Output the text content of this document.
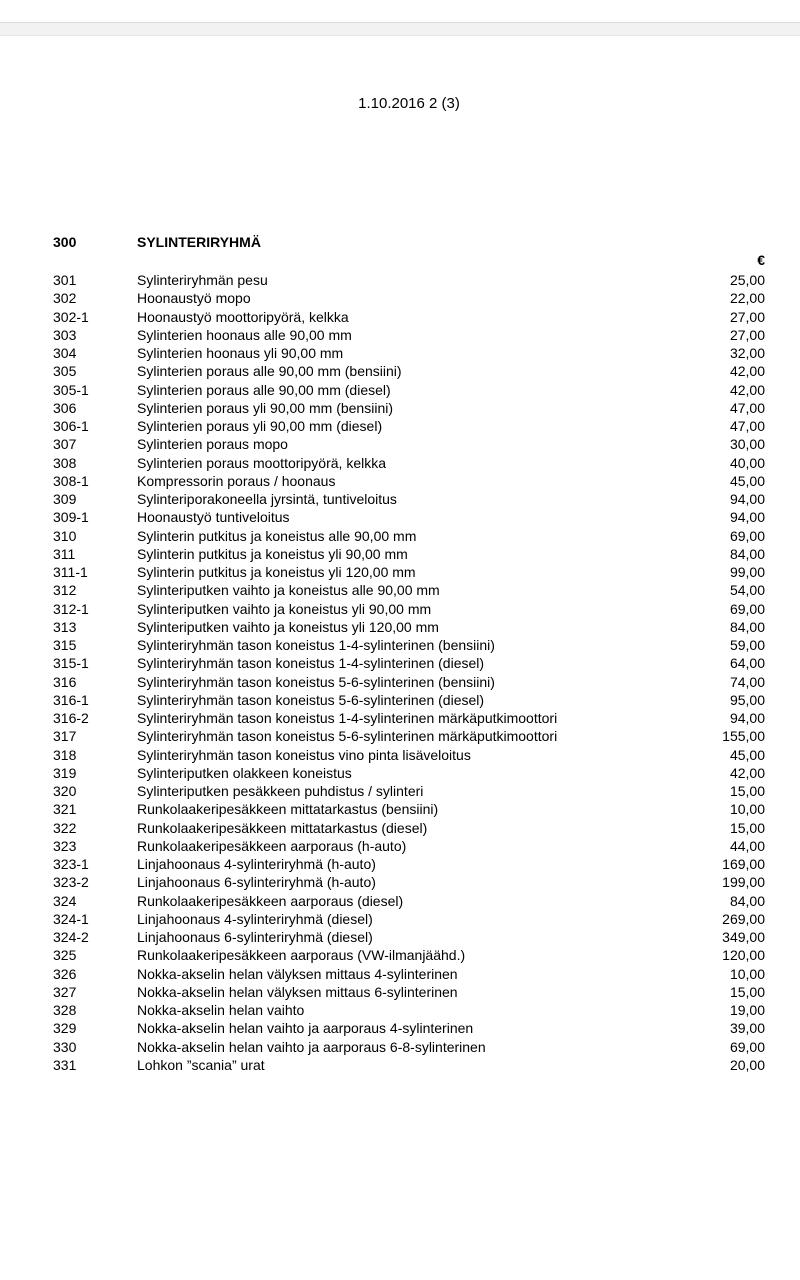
1.10.2016 2 (3)
300	SYLINTERIRYHMÄ
€
301	Sylinteriryhmän pesu	25,00
302	Hoonaustyö mopo	22,00
302-1	Hoonaustyö moottoripyörä, kelkka	27,00
303	Sylinterien hoonaus alle 90,00 mm	27,00
304	Sylinterien hoonaus yli 90,00 mm	32,00
305	Sylinterien poraus alle 90,00 mm (bensiini)	42,00
305-1	Sylinterien poraus alle 90,00 mm (diesel)	42,00
306	Sylinterien poraus yli 90,00 mm (bensiini)	47,00
306-1	Sylinterien poraus yli 90,00 mm (diesel)	47,00
307	Sylinterien poraus mopo	30,00
308	Sylinterien poraus moottoripyörä, kelkka	40,00
308-1	Kompressorin poraus / hoonaus	45,00
309	Sylinteriporakoneella jyrsintä, tuntiveloitus	94,00
309-1	Hoonaustyö tuntiveloitus	94,00
310	Sylinterin putkitus ja koneistus alle 90,00 mm	69,00
311	Sylinterin putkitus ja koneistus yli 90,00 mm	84,00
311-1	Sylinterin putkitus ja koneistus yli 120,00 mm	99,00
312	Sylinteriputken vaihto ja koneistus alle 90,00 mm	54,00
312-1	Sylinteriputken vaihto ja koneistus yli 90,00 mm	69,00
313	Sylinteriputken vaihto ja koneistus yli 120,00 mm	84,00
315	Sylinteriryhmän tason koneistus 1-4-sylinterinen (bensiini)	59,00
315-1	Sylinteriryhmän tason koneistus 1-4-sylinterinen (diesel)	64,00
316	Sylinteriryhmän tason koneistus 5-6-sylinterinen (bensiini)	74,00
316-1	Sylinteriryhmän tason koneistus 5-6-sylinterinen (diesel)	95,00
316-2	Sylinteriryhmän tason koneistus 1-4-sylinterinen märkäputkimoottori	94,00
317	Sylinteriryhmän tason koneistus 5-6-sylinterinen märkäputkimoottori	155,00
318	Sylinteriryhmän tason koneistus vino pinta lisäveloitus	45,00
319	Sylinteriputken olakkeen koneistus	42,00
320	Sylinteriputken pesäkkeen puhdistus / sylinteri	15,00
321	Runkolaakeripesäkkeen mittatarkastus (bensiini)	10,00
322	Runkolaakeripesäkkeen mittatarkastus (diesel)	15,00
323	Runkolaakeripesäkkeen aarporaus (h-auto)	44,00
323-1	Linjahoonaus 4-sylinteriryhmä (h-auto)	169,00
323-2	Linjahoonaus 6-sylinteriryhmä (h-auto)	199,00
324	Runkolaakeripesäkkeen aarporaus (diesel)	84,00
324-1	Linjahoonaus 4-sylinteriryhmä (diesel)	269,00
324-2	Linjahoonaus 6-sylinteriryhmä (diesel)	349,00
325	Runkolaakeripesäkkeen aarporaus (VW-ilmanjäähd.)	120,00
326	Nokka-akselin helan välyksen mittaus 4-sylinterinen	10,00
327	Nokka-akselin helan välyksen mittaus 6-sylinterinen	15,00
328	Nokka-akselin helan vaihto	19,00
329	Nokka-akselin helan vaihto ja aarporaus 4-sylinterinen	39,00
330	Nokka-akselin helan vaihto ja aarporaus 6-8-sylinterinen	69,00
331	Lohkon ”scania” urat	20,00
